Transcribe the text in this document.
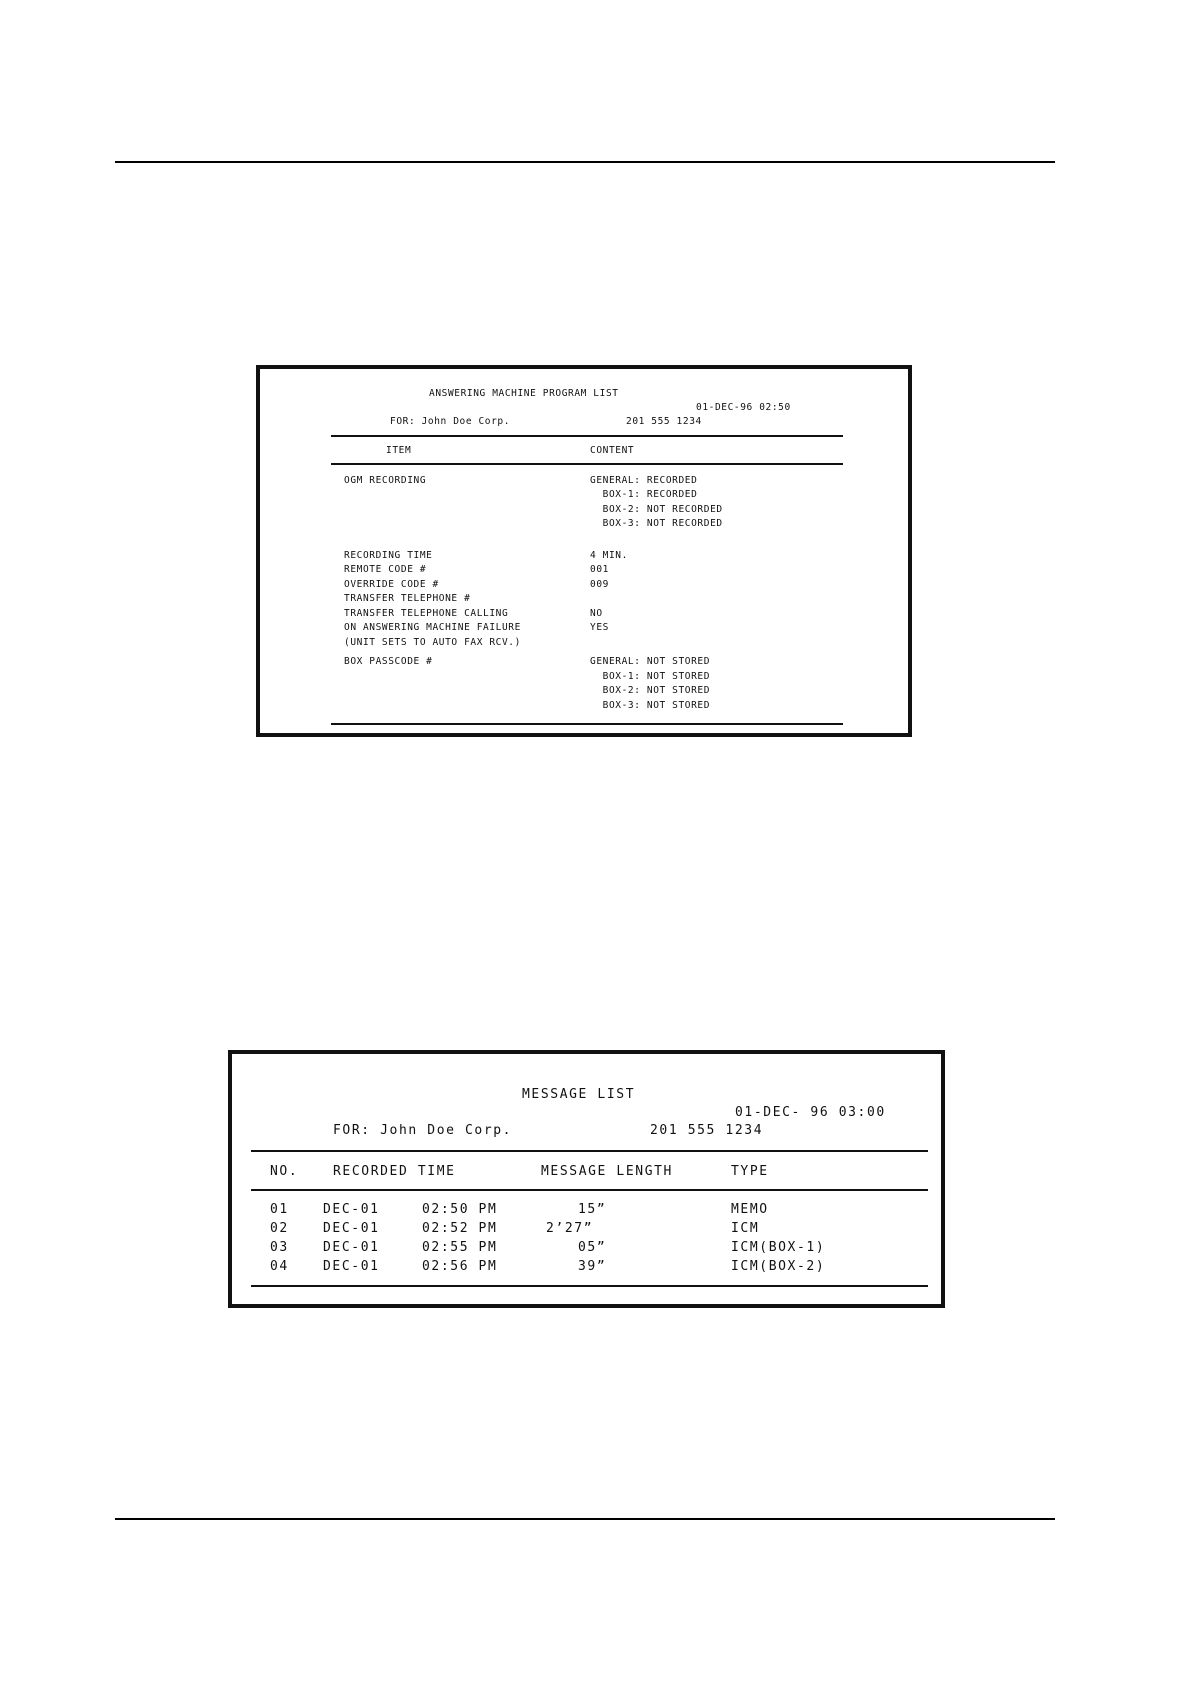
ANSWERING MACHINE PROGRAM LIST
01-DEC-96 02:50
FOR: John Doe Corp.	201 555 1234
ITEM	CONTENT
OGM RECORDING	GENERAL: RECORDED
BOX-1: RECORDED
BOX-2: NOT RECORDED
BOX-3: NOT RECORDED
RECORDING TIME	4 MIN.
REMOTE CODE #	001
OVERRIDE CODE #	009
TRANSFER TELEPHONE #
TRANSFER TELEPHONE CALLING	NO
ON ANSWERING MACHINE FAILURE	YES
(UNIT SETS TO AUTO FAX RCV.)
BOX PASSCODE #	GENERAL: NOT STORED
BOX-1: NOT STORED
BOX-2: NOT STORED
BOX-3: NOT STORED
MESSAGE LIST
01-DEC- 96 03:00
FOR: John Doe Corp.	201 555 1234
NO.	RECORDED TIME	MESSAGE LENGTH	TYPE
01	DEC-01	02:50 PM	15”	MEMO
02	DEC-01	02:52 PM	2’27”	ICM
03	DEC-01	02:55 PM	05”	ICM(BOX-1)
04	DEC-01	02:56 PM	39”	ICM(BOX-2)
